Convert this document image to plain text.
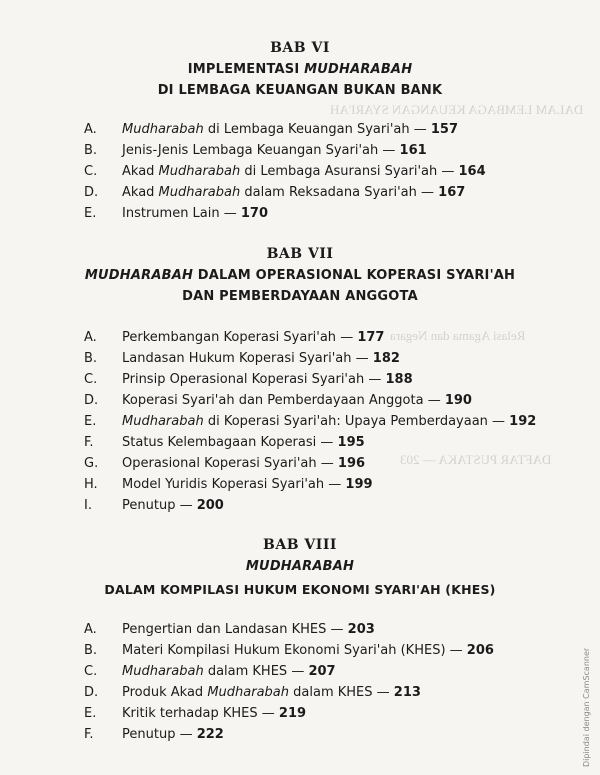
DALAM LEMBAGA KEUANGAN SYARI'AH
DAFTAR PUSTAKA — 203
Relasi Agama dan Negara
BAB VI
IMPLEMENTASI MUDHARABAH
DI LEMBAGA KEUANGAN BUKAN BANK
A. Mudharabah di Lembaga Keuangan Syari'ah — 157
B. Jenis-Jenis Lembaga Keuangan Syari'ah — 161
C. Akad Mudharabah di Lembaga Asuransi Syari'ah — 164
D. Akad Mudharabah dalam Reksadana Syari'ah — 167
E. Instrumen Lain — 170
BAB VII
MUDHARABAH DALAM OPERASIONAL KOPERASI SYARI'AH
DAN PEMBERDAYAAN ANGGOTA
A. Perkembangan Koperasi Syari'ah — 177
B. Landasan Hukum Koperasi Syari'ah — 182
C. Prinsip Operasional Koperasi Syari'ah — 188
D. Koperasi Syari'ah dan Pemberdayaan Anggota — 190
E. Mudharabah di Koperasi Syari'ah: Upaya Pemberdayaan — 192
F. Status Kelembagaan Koperasi — 195
G. Operasional Koperasi Syari'ah — 196
H. Model Yuridis Koperasi Syari'ah — 199
I. Penutup — 200
BAB VIII
MUDHARABAH
DALAM KOMPILASI HUKUM EKONOMI SYARI'AH (KHES)
A. Pengertian dan Landasan KHES — 203
B. Materi Kompilasi Hukum Ekonomi Syari'ah (KHES) — 206
C. Mudharabah dalam KHES — 207
D. Produk Akad Mudharabah dalam KHES — 213
E. Kritik terhadap KHES — 219
F. Penutup — 222	Dipindai dengan CamScanner
